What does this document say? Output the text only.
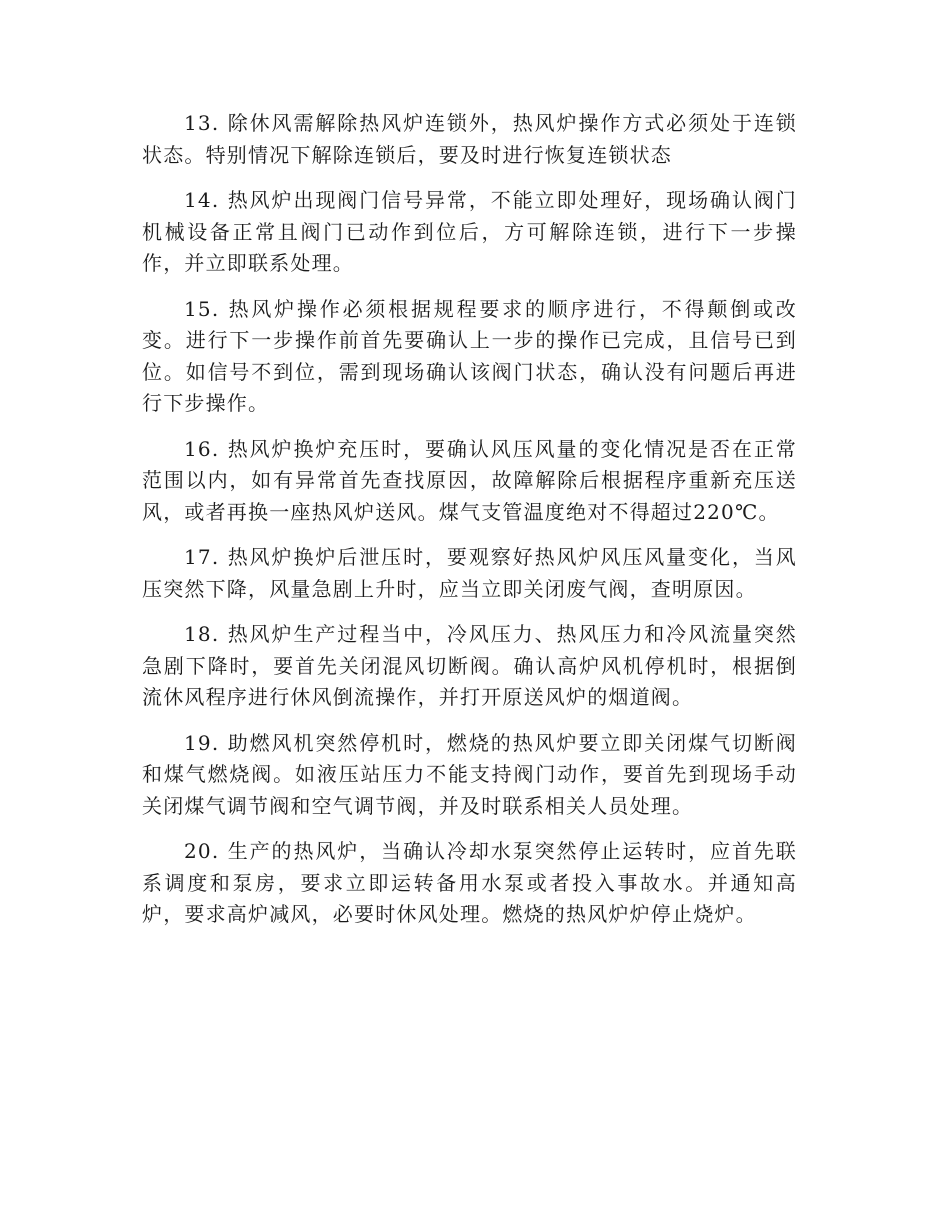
13. 除休风需解除热风炉连锁外，热风炉操作方式必须处于连锁状态。特别情况下解除连锁后，要及时进行恢复连锁状态

14. 热风炉出现阀门信号异常，不能立即处理好，现场确认阀门机械设备正常且阀门已动作到位后，方可解除连锁，进行下一步操作，并立即联系处理。

15. 热风炉操作必须根据规程要求的顺序进行，不得颠倒或改变。进行下一步操作前首先要确认上一步的操作已完成，且信号已到位。如信号不到位，需到现场确认该阀门状态，确认没有问题后再进行下步操作。

16. 热风炉换炉充压时，要确认风压风量的变化情况是否在正常范围以内，如有异常首先查找原因，故障解除后根据程序重新充压送风，或者再换一座热风炉送风。煤气支管温度绝对不得超过220℃。

17. 热风炉换炉后泄压时，要观察好热风炉风压风量变化，当风压突然下降，风量急剧上升时，应当立即关闭废气阀，查明原因。

18. 热风炉生产过程当中，冷风压力、热风压力和冷风流量突然急剧下降时，要首先关闭混风切断阀。确认高炉风机停机时，根据倒流休风程序进行休风倒流操作，并打开原送风炉的烟道阀。

19. 助燃风机突然停机时，燃烧的热风炉要立即关闭煤气切断阀和煤气燃烧阀。如液压站压力不能支持阀门动作，要首先到现场手动关闭煤气调节阀和空气调节阀，并及时联系相关人员处理。

20. 生产的热风炉，当确认冷却水泵突然停止运转时，应首先联系调度和泵房，要求立即运转备用水泵或者投入事故水。并通知高炉，要求高炉减风，必要时休风处理。燃烧的热风炉炉停止烧炉。
